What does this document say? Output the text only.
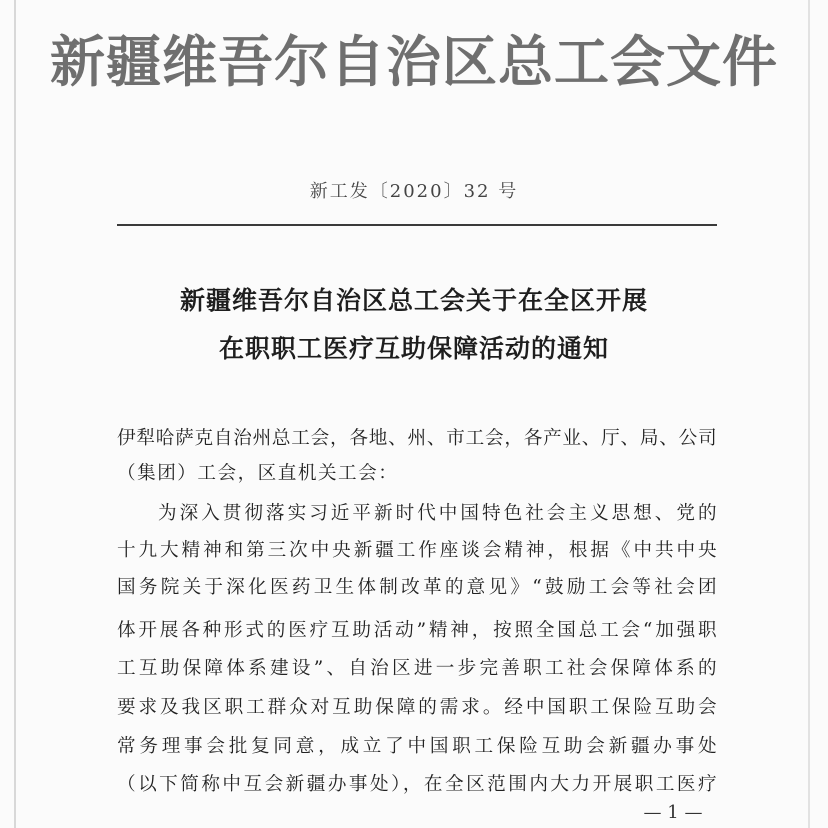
新疆维吾尔自治区总工会文件
新工发〔2020〕32 号
新疆维吾尔自治区总工会关于在全区开展
在职职工医疗互助保障活动的通知
伊犁哈萨克自治州总工会，各地、州、市工会，各产业、厅、局、公司
（集团）工会，区直机关工会：
为深入贯彻落实习近平新时代中国特色社会主义思想、党的
十九大精神和第三次中央新疆工作座谈会精神，根据《中共中央
国务院关于深化医药卫生体制改革的意见》“鼓励工会等社会团
体开展各种形式的医疗互助活动”精神，按照全国总工会“加强职
工互助保障体系建设”、自治区进一步完善职工社会保障体系的
要求及我区职工群众对互助保障的需求。经中国职工保险互助会
常务理事会批复同意，成立了中国职工保险互助会新疆办事处
（以下简称中互会新疆办事处），在全区范围内大力开展职工医疗
— 1 —
